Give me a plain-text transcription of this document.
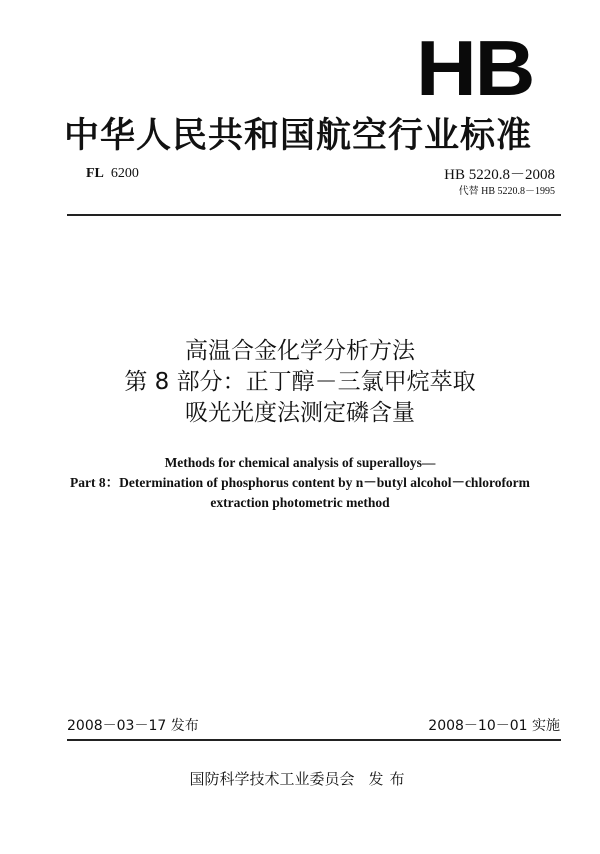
HB
中华人民共和国航空行业标准
FL 6200	HB 5220.8－2008
代替 HB 5220.8－1995
高温合金化学分析方法
第 8 部分：正丁醇－三氯甲烷萃取
吸光光度法测定磷含量
Methods for chemical analysis of superalloys—
Part 8：Determination of phosphorus content by n－butyl alcohol－chloroform
extraction photometric method
2008－03－17 发布	2008－10－01 实施
国防科学技术工业委员会 发布
